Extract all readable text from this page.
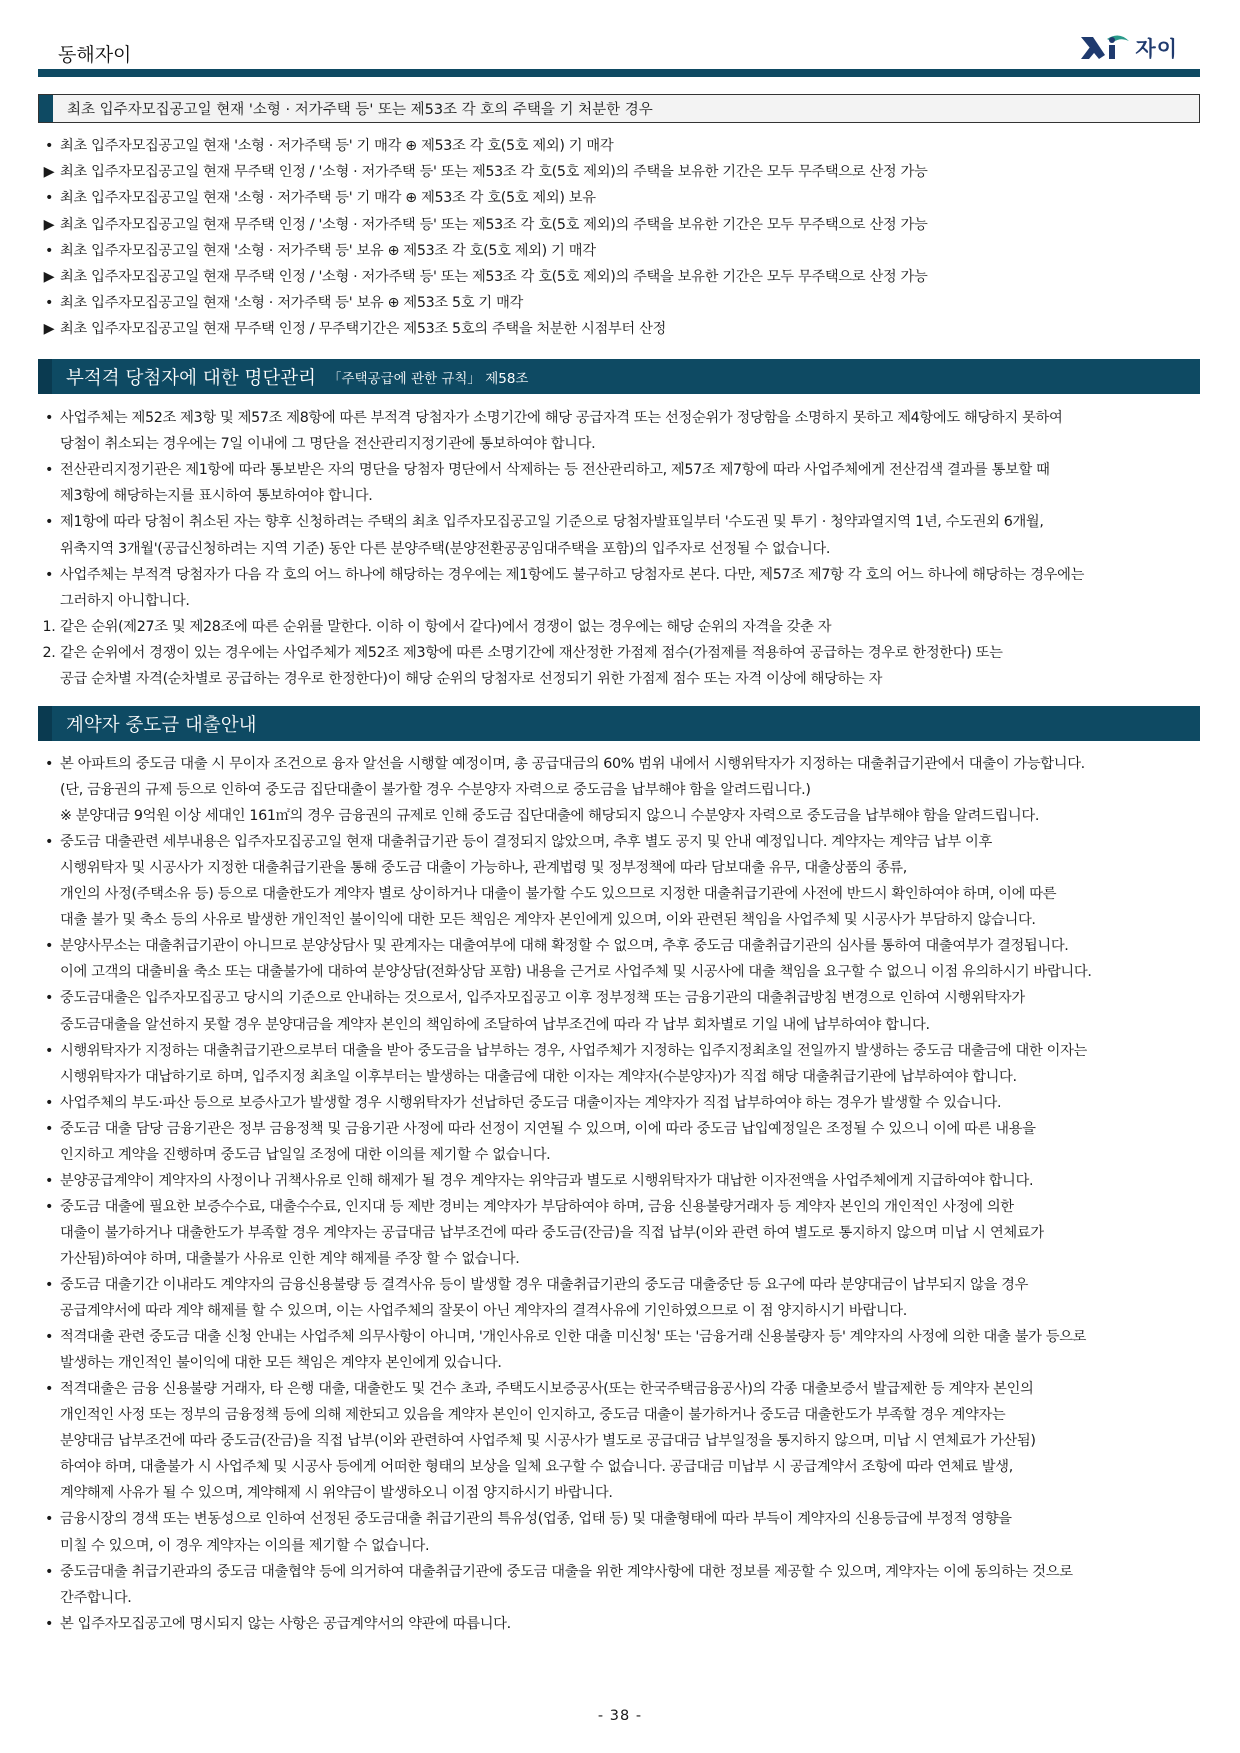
동해자이	자이
최초 입주자모집공고일 현재 '소형 · 저가주택 등' 또는 제53조 각 호의 주택을 기 처분한 경우
• 최초 입주자모집공고일 현재 '소형 · 저가주택 등' 기 매각 ⊕ 제53조 각 호(5호 제외) 기 매각
▶ 최초 입주자모집공고일 현재 무주택 인정 / '소형 · 저가주택 등' 또는 제53조 각 호(5호 제외)의 주택을 보유한 기간은 모두 무주택으로 산정 가능
• 최초 입주자모집공고일 현재 '소형 · 저가주택 등' 기 매각 ⊕ 제53조 각 호(5호 제외) 보유
▶ 최초 입주자모집공고일 현재 무주택 인정 / '소형 · 저가주택 등' 또는 제53조 각 호(5호 제외)의 주택을 보유한 기간은 모두 무주택으로 산정 가능
• 최초 입주자모집공고일 현재 '소형 · 저가주택 등' 보유 ⊕ 제53조 각 호(5호 제외) 기 매각
▶ 최초 입주자모집공고일 현재 무주택 인정 / '소형 · 저가주택 등' 또는 제53조 각 호(5호 제외)의 주택을 보유한 기간은 모두 무주택으로 산정 가능
• 최초 입주자모집공고일 현재 '소형 · 저가주택 등' 보유 ⊕ 제53조 5호 기 매각
▶ 최초 입주자모집공고일 현재 무주택 인정 / 무주택기간은 제53조 5호의 주택을 처분한 시점부터 산정
부적격 당첨자에 대한 명단관리 「주택공급에 관한 규칙」 제58조
• 사업주체는 제52조 제3항 및 제57조 제8항에 따른 부적격 당첨자가 소명기간에 해당 공급자격 또는 선정순위가 정당함을 소명하지 못하고 제4항에도 해당하지 못하여
당첨이 취소되는 경우에는 7일 이내에 그 명단을 전산관리지정기관에 통보하여야 합니다.
• 전산관리지정기관은 제1항에 따라 통보받은 자의 명단을 당첨자 명단에서 삭제하는 등 전산관리하고, 제57조 제7항에 따라 사업주체에게 전산검색 결과를 통보할 때
제3항에 해당하는지를 표시하여 통보하여야 합니다.
• 제1항에 따라 당첨이 취소된 자는 향후 신청하려는 주택의 최초 입주자모집공고일 기준으로 당첨자발표일부터 '수도권 및 투기 · 청약과열지역 1년, 수도권외 6개월,
위축지역 3개월'(공급신청하려는 지역 기준) 동안 다른 분양주택(분양전환공공임대주택을 포함)의 입주자로 선정될 수 없습니다.
• 사업주체는 부적격 당첨자가 다음 각 호의 어느 하나에 해당하는 경우에는 제1항에도 불구하고 당첨자로 본다. 다만, 제57조 제7항 각 호의 어느 하나에 해당하는 경우에는
그러하지 아니합니다.
1. 같은 순위(제27조 및 제28조에 따른 순위를 말한다. 이하 이 항에서 같다)에서 경쟁이 없는 경우에는 해당 순위의 자격을 갖춘 자
2. 같은 순위에서 경쟁이 있는 경우에는 사업주체가 제52조 제3항에 따른 소명기간에 재산정한 가점제 점수(가점제를 적용하여 공급하는 경우로 한정한다) 또는
공급 순차별 자격(순차별로 공급하는 경우로 한정한다)이 해당 순위의 당첨자로 선정되기 위한 가점제 점수 또는 자격 이상에 해당하는 자
계약자 중도금 대출안내
• 본 아파트의 중도금 대출 시 무이자 조건으로 융자 알선을 시행할 예정이며, 총 공급대금의 60% 범위 내에서 시행위탁자가 지정하는 대출취급기관에서 대출이 가능합니다.
(단, 금융권의 규제 등으로 인하여 중도금 집단대출이 불가할 경우 수분양자 자력으로 중도금을 납부해야 함을 알려드립니다.)
※ 분양대금 9억원 이상 세대인 161㎡의 경우 금융권의 규제로 인해 중도금 집단대출에 해당되지 않으니 수분양자 자력으로 중도금을 납부해야 함을 알려드립니다.
• 중도금 대출관련 세부내용은 입주자모집공고일 현재 대출취급기관 등이 결정되지 않았으며, 추후 별도 공지 및 안내 예정입니다. 계약자는 계약금 납부 이후
시행위탁자 및 시공사가 지정한 대출취급기관을 통해 중도금 대출이 가능하나, 관계법령 및 정부정책에 따라 담보대출 유무, 대출상품의 종류,
개인의 사정(주택소유 등) 등으로 대출한도가 계약자 별로 상이하거나 대출이 불가할 수도 있으므로 지정한 대출취급기관에 사전에 반드시 확인하여야 하며, 이에 따른
대출 불가 및 축소 등의 사유로 발생한 개인적인 불이익에 대한 모든 책임은 계약자 본인에게 있으며, 이와 관련된 책임을 사업주체 및 시공사가 부담하지 않습니다.
• 분양사무소는 대출취급기관이 아니므로 분양상담사 및 관계자는 대출여부에 대해 확정할 수 없으며, 추후 중도금 대출취급기관의 심사를 통하여 대출여부가 결정됩니다.
이에 고객의 대출비율 축소 또는 대출불가에 대하여 분양상담(전화상담 포함) 내용을 근거로 사업주체 및 시공사에 대출 책임을 요구할 수 없으니 이점 유의하시기 바랍니다.
• 중도금대출은 입주자모집공고 당시의 기준으로 안내하는 것으로서, 입주자모집공고 이후 정부정책 또는 금융기관의 대출취급방침 변경으로 인하여 시행위탁자가
중도금대출을 알선하지 못할 경우 분양대금을 계약자 본인의 책임하에 조달하여 납부조건에 따라 각 납부 회차별로 기일 내에 납부하여야 합니다.
• 시행위탁자가 지정하는 대출취급기관으로부터 대출을 받아 중도금을 납부하는 경우, 사업주체가 지정하는 입주지정최초일 전일까지 발생하는 중도금 대출금에 대한 이자는
시행위탁자가 대납하기로 하며, 입주지정 최초일 이후부터는 발생하는 대출금에 대한 이자는 계약자(수분양자)가 직접 해당 대출취급기관에 납부하여야 합니다.
• 사업주체의 부도·파산 등으로 보증사고가 발생할 경우 시행위탁자가 선납하던 중도금 대출이자는 계약자가 직접 납부하여야 하는 경우가 발생할 수 있습니다.
• 중도금 대출 담당 금융기관은 정부 금융정책 및 금융기관 사정에 따라 선정이 지연될 수 있으며, 이에 따라 중도금 납입예정일은 조정될 수 있으니 이에 따른 내용을
인지하고 계약을 진행하며 중도금 납일일 조정에 대한 이의를 제기할 수 없습니다.
• 분양공급계약이 계약자의 사정이나 귀책사유로 인해 해제가 될 경우 계약자는 위약금과 별도로 시행위탁자가 대납한 이자전액을 사업주체에게 지급하여야 합니다.
• 중도금 대출에 필요한 보증수수료, 대출수수료, 인지대 등 제반 경비는 계약자가 부담하여야 하며, 금융 신용불량거래자 등 계약자 본인의 개인적인 사정에 의한
대출이 불가하거나 대출한도가 부족할 경우 계약자는 공급대금 납부조건에 따라 중도금(잔금)을 직접 납부(이와 관련 하여 별도로 통지하지 않으며 미납 시 연체료가
가산됨)하여야 하며, 대출불가 사유로 인한 계약 해제를 주장 할 수 없습니다.
• 중도금 대출기간 이내라도 계약자의 금융신용불량 등 결격사유 등이 발생할 경우 대출취급기관의 중도금 대출중단 등 요구에 따라 분양대금이 납부되지 않을 경우
공급계약서에 따라 계약 해제를 할 수 있으며, 이는 사업주체의 잘못이 아닌 계약자의 결격사유에 기인하였으므로 이 점 양지하시기 바랍니다.
• 적격대출 관련 중도금 대출 신청 안내는 사업주체 의무사항이 아니며, '개인사유로 인한 대출 미신청' 또는 '금융거래 신용불량자 등' 계약자의 사정에 의한 대출 불가 등으로
발생하는 개인적인 불이익에 대한 모든 책임은 계약자 본인에게 있습니다.
• 적격대출은 금융 신용불량 거래자, 타 은행 대출, 대출한도 및 건수 초과, 주택도시보증공사(또는 한국주택금융공사)의 각종 대출보증서 발급제한 등 계약자 본인의
개인적인 사정 또는 정부의 금융정책 등에 의해 제한되고 있음을 계약자 본인이 인지하고, 중도금 대출이 불가하거나 중도금 대출한도가 부족할 경우 계약자는
분양대금 납부조건에 따라 중도금(잔금)을 직접 납부(이와 관련하여 사업주체 및 시공사가 별도로 공급대금 납부일정을 통지하지 않으며, 미납 시 연체료가 가산됨)
하여야 하며, 대출불가 시 사업주체 및 시공사 등에게 어떠한 형태의 보상을 일체 요구할 수 없습니다. 공급대금 미납부 시 공급계약서 조항에 따라 연체료 발생,
계약해제 사유가 될 수 있으며, 계약해제 시 위약금이 발생하오니 이점 양지하시기 바랍니다.
• 금융시장의 경색 또는 변동성으로 인하여 선정된 중도금대출 취급기관의 특유성(업종, 업태 등) 및 대출형태에 따라 부득이 계약자의 신용등급에 부정적 영향을
미칠 수 있으며, 이 경우 계약자는 이의를 제기할 수 없습니다.
• 중도금대출 취급기관과의 중도금 대출협약 등에 의거하여 대출취급기관에 중도금 대출을 위한 계약사항에 대한 정보를 제공할 수 있으며, 계약자는 이에 동의하는 것으로
간주합니다.
• 본 입주자모집공고에 명시되지 않는 사항은 공급계약서의 약관에 따릅니다.
- 38 -
